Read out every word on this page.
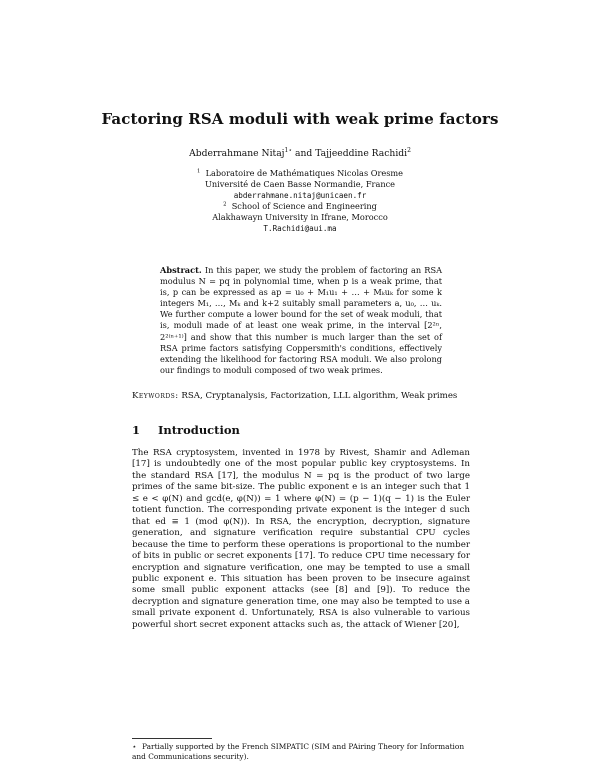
Factoring RSA moduli with weak prime factors
Abderrahmane Nitaj$^{1⋆}$ and Tajjeeddine Rachidi$^2$
$^1$ Laboratoire de Mathématiques Nicolas Oresme
Université de Caen Basse Normandie, France
abderrahmane.nitaj@unicaen.fr
$^2$ School of Science and Engineering
Alakhawayn University in Ifrane, Morocco
T.Rachidi@aui.ma
Abstract. In this paper, we study the problem of factoring an RSA modulus N = pq in polynomial time, when p is a weak prime, that is, p can be expressed as ap = u₀ + M₁u₁ + … + Mₖuₖ for some k integers M₁, …, Mₖ and k+2 suitably small parameters a, u₀, … uₖ. We further compute a lower bound for the set of weak moduli, that is, moduli made of at least one weak prime, in the interval [2²ⁿ, 2²⁽ⁿ⁺¹⁾] and show that this number is much larger than the set of RSA prime factors satisfying Coppersmith's conditions, effectively extending the likelihood for factoring RSA moduli. We also prolong our findings to moduli composed of two weak primes.
Keywords: RSA, Cryptanalysis, Factorization, LLL algorithm, Weak primes
1 Introduction
The RSA cryptosystem, invented in 1978 by Rivest, Shamir and Adleman [17] is undoubtedly one of the most popular public key cryptosystems. In the standard RSA [17], the modulus N = pq is the product of two large primes of the same bit-size. The public exponent e is an integer such that 1 ≤ e < φ(N) and gcd(e, φ(N)) = 1 where φ(N) = (p − 1)(q − 1) is the Euler totient function. The corresponding private exponent is the integer d such that ed ≡ 1 (mod φ(N)). In RSA, the encryption, decryption, signature generation, and signature verification require substantial CPU cycles because the time to perform these operations is proportional to the number of bits in public or secret exponents [17]. To reduce CPU time necessary for encryption and signature verification, one may be tempted to use a small public exponent e. This situation has been proven to be insecure against some small public exponent attacks (see [8] and [9]). To reduce the decryption and signature generation time, one may also be tempted to use a small private exponent d. Unfortunately, RSA is also vulnerable to various powerful short secret exponent attacks such as, the attack of Wiener [20],
⋆ Partially supported by the French SIMPATIC (SIM and PAiring Theory for Information and Communications security).
